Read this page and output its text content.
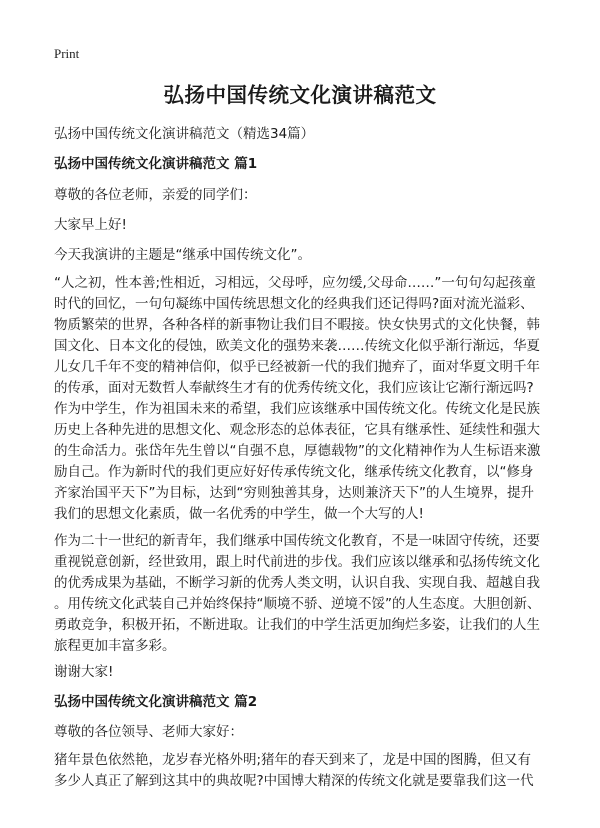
Print
弘扬中国传统文化演讲稿范文
弘扬中国传统文化演讲稿范文（精选34篇）
弘扬中国传统文化演讲稿范文 篇1

尊敬的各位老师，亲爱的同学们：

大家早上好!

今天我演讲的主题是“继承中国传统文化”。

“人之初，性本善;性相近，习相远，父母呼，应勿缓,父母命……”一句句勾起孩童
时代的回忆，一句句凝练中国传统思想文化的经典我们还记得吗?面对流光溢彩、
物质繁荣的世界，各种各样的新事物让我们目不暇接。快女快男式的文化快餐，韩
国文化、日本文化的侵蚀，欧美文化的强势来袭……传统文化似乎渐行渐远，华夏
儿女几千年不变的精神信仰，似乎已经被新一代的我们抛弃了，面对华夏文明千年
的传承，面对无数哲人奉献终生才有的优秀传统文化，我们应该让它渐行渐远吗?
作为中学生，作为祖国未来的希望，我们应该继承中国传统文化。传统文化是民族
历史上各种先进的思想文化、观念形态的总体表征，它具有继承性、延续性和强大
的生命活力。张岱年先生曾以“自强不息，厚德载物”的文化精神作为人生标语来激
励自己。作为新时代的我们更应好好传承传统文化，继承传统文化教育，以“修身
齐家治国平天下”为目标，达到“穷则独善其身，达则兼济天下”的人生境界，提升
我们的思想文化素质，做一名优秀的中学生，做一个大写的人!
作为二十一世纪的新青年，我们继承中国传统文化教育，不是一味固守传统，还要
重视锐意创新，经世致用，跟上时代前进的步伐。我们应该以继承和弘扬传统文化
的优秀成果为基础，不断学习新的优秀人类文明，认识自我、实现自我、超越自我
。用传统文化武装自己并始终保持“顺境不骄、逆境不馁”的人生态度。大胆创新、
勇敢竞争，积极开拓，不断进取。让我们的中学生活更加绚烂多姿，让我们的人生
旅程更加丰富多彩。

谢谢大家!

弘扬中国传统文化演讲稿范文 篇2

尊敬的各位领导、老师大家好：

猪年景色依然艳，龙岁春光格外明;猪年的春天到来了，龙是中国的图腾，但又有
多少人真正了解到这其中的典故呢?中国博大精深的传统文化就是要靠我们这一代
